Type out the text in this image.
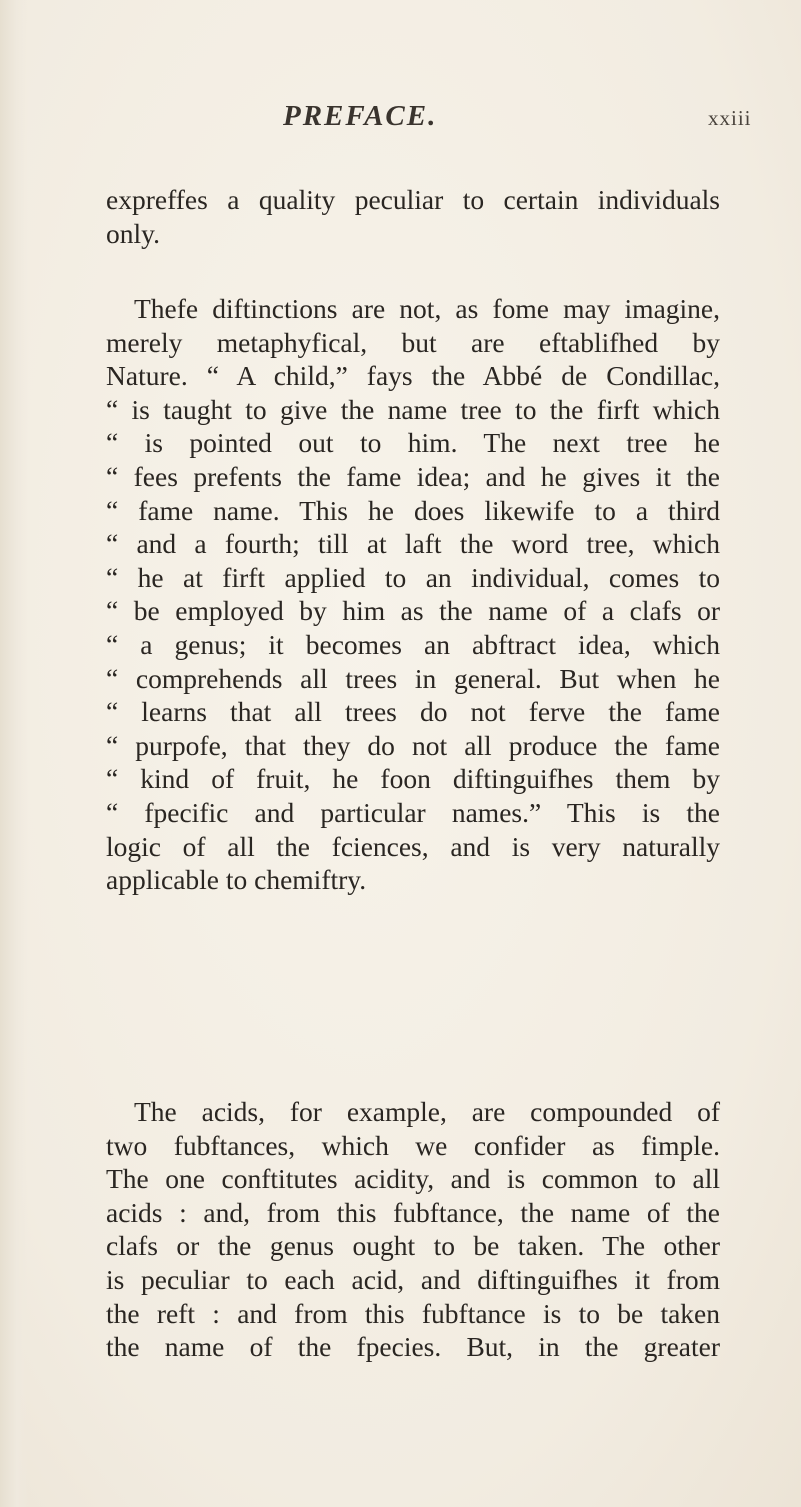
PREFACE.	xxiii
expreffes a quality peculiar to certain individuals
only.
Thefe diftinctions are not, as fome may imagine,
merely metaphyfical, but are eftablifhed by
Nature. “ A child,” fays the Abbé de Condillac,
“ is taught to give the name tree to the firft which
“ is pointed out to him. The next tree he
“ fees prefents the fame idea; and he gives it the
“ fame name. This he does likewife to a third
“ and a fourth; till at laft the word tree, which
“ he at firft applied to an individual, comes to
“ be employed by him as the name of a clafs or
“ a genus; it becomes an abftract idea, which
“ comprehends all trees in general. But when he
“ learns that all trees do not ferve the fame
“ purpofe, that they do not all produce the fame
“ kind of fruit, he foon diftinguifhes them by
“ fpecific and particular names.” This is the
logic of all the fciences, and is very naturally
applicable to chemiftry.
The acids, for example, are compounded of
two fubftances, which we confider as fimple.
The one conftitutes acidity, and is common to all
acids : and, from this fubftance, the name of the
clafs or the genus ought to be taken. The other
is peculiar to each acid, and diftinguifhes it from
the reft : and from this fubftance is to be taken
the name of the fpecies. But, in the greater
